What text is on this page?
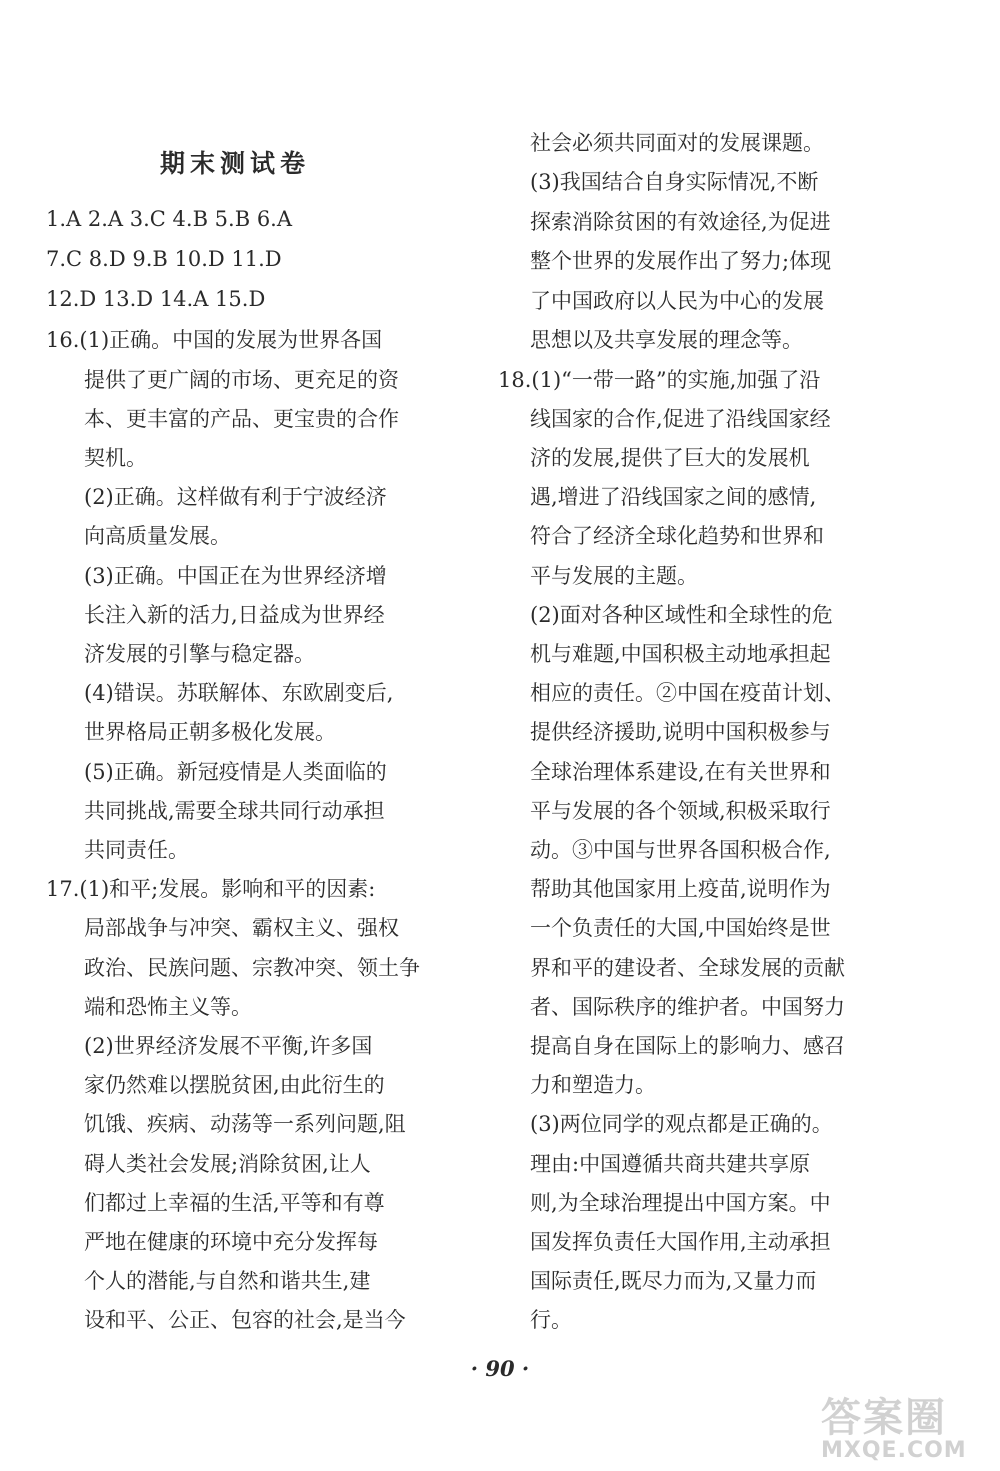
期末测试卷
1.A 2.A 3.C 4.B 5.B 6.A
7.C 8.D 9.B 10.D 11.D
12.D 13.D 14.A 15.D
16.(1)正确。中国的发展为世界各国
提供了更广阔的市场、更充足的资
本、更丰富的产品、更宝贵的合作
契机。
(2)正确。这样做有利于宁波经济
向高质量发展。
(3)正确。中国正在为世界经济增
长注入新的活力,日益成为世界经
济发展的引擎与稳定器。
(4)错误。苏联解体、东欧剧变后,
世界格局正朝多极化发展。
(5)正确。新冠疫情是人类面临的
共同挑战,需要全球共同行动承担
共同责任。
17.(1)和平;发展。影响和平的因素:
局部战争与冲突、霸权主义、强权
政治、民族问题、宗教冲突、领土争
端和恐怖主义等。
(2)世界经济发展不平衡,许多国
家仍然难以摆脱贫困,由此衍生的
饥饿、疾病、动荡等一系列问题,阻
碍人类社会发展;消除贫困,让人
们都过上幸福的生活,平等和有尊
严地在健康的环境中充分发挥每
个人的潜能,与自然和谐共生,建
设和平、公正、包容的社会,是当今
社会必须共同面对的发展课题。
(3)我国结合自身实际情况,不断
探索消除贫困的有效途径,为促进
整个世界的发展作出了努力;体现
了中国政府以人民为中心的发展
思想以及共享发展的理念等。
18.(1)“一带一路”的实施,加强了沿
线国家的合作,促进了沿线国家经
济的发展,提供了巨大的发展机
遇,增进了沿线国家之间的感情,
符合了经济全球化趋势和世界和
平与发展的主题。
(2)面对各种区域性和全球性的危
机与难题,中国积极主动地承担起
相应的责任。②中国在疫苗计划、
提供经济援助,说明中国积极参与
全球治理体系建设,在有关世界和
平与发展的各个领域,积极采取行
动。③中国与世界各国积极合作,
帮助其他国家用上疫苗,说明作为
一个负责任的大国,中国始终是世
界和平的建设者、全球发展的贡献
者、国际秩序的维护者。中国努力
提高自身在国际上的影响力、感召
力和塑造力。
(3)两位同学的观点都是正确的。
理由:中国遵循共商共建共享原
则,为全球治理提出中国方案。中
国发挥负责任大国作用,主动承担
国际责任,既尽力而为,又量力而
行。
· 90 ·
答案圈
MXQE.COM
